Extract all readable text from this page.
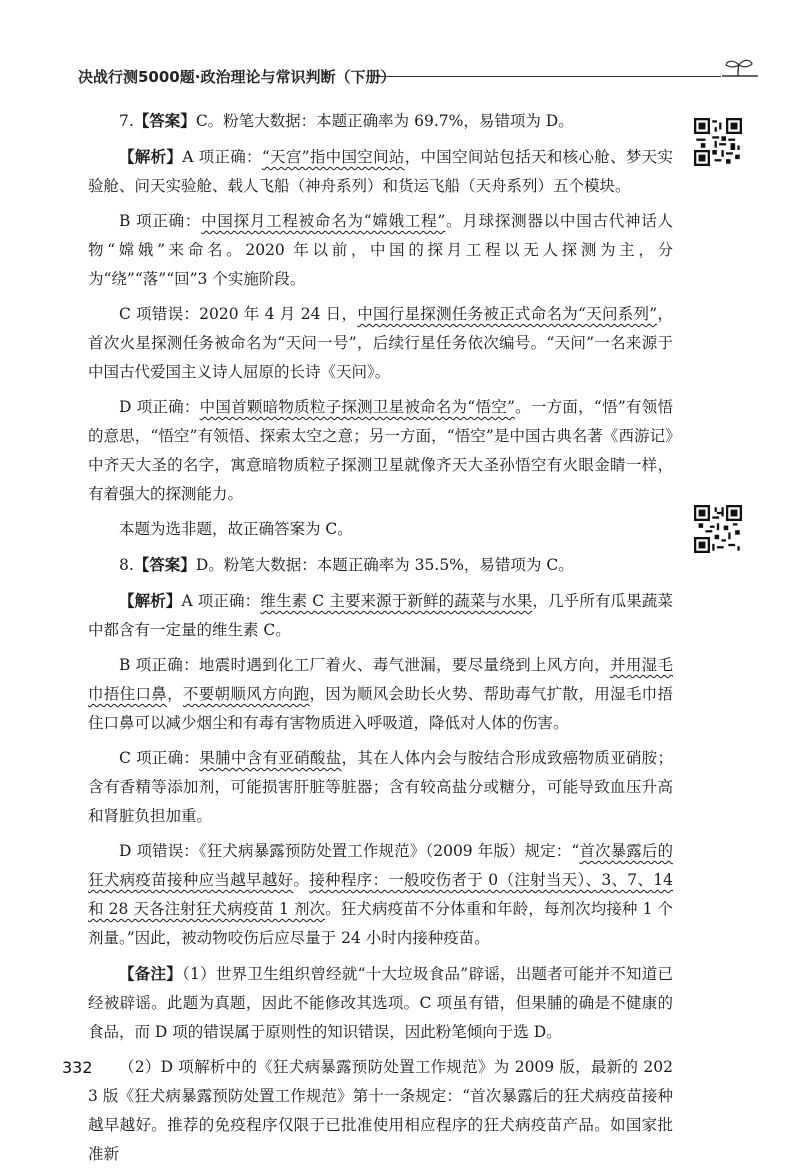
决战行测5000题·政治理论与常识判断（下册）

7.【答案】C。粉笔大数据：本题正确率为 69.7%，易错项为 D。

【解析】A 项正确：“天宫”指中国空间站，中国空间站包括天和核心舱、梦天实验舱、问天实验舱、载人飞船（神舟系列）和货运飞船（天舟系列）五个模块。

B 项正确：中国探月工程被命名为“嫦娥工程”。月球探测器以中国古代神话人物“嫦娥”来命名。2020 年以前，中国的探月工程以无人探测为主，分为“绕”“落”“回”3 个实施阶段。

C 项错误：2020 年 4 月 24 日，中国行星探测任务被正式命名为“天问系列”，首次火星探测任务被命名为“天问一号”，后续行星任务依次编号。“天问”一名来源于中国古代爱国主义诗人屈原的长诗《天问》。

D 项正确：中国首颗暗物质粒子探测卫星被命名为“悟空”。一方面，“悟”有领悟的意思，“悟空”有领悟、探索太空之意；另一方面，“悟空”是中国古典名著《西游记》中齐天大圣的名字，寓意暗物质粒子探测卫星就像齐天大圣孙悟空有火眼金睛一样，有着强大的探测能力。

本题为选非题，故正确答案为 C。

8.【答案】D。粉笔大数据：本题正确率为 35.5%，易错项为 C。

【解析】A 项正确：维生素 C 主要来源于新鲜的蔬菜与水果，几乎所有瓜果蔬菜中都含有一定量的维生素 C。

B 项正确：地震时遇到化工厂着火、毒气泄漏，要尽量绕到上风方向，并用湿毛巾捂住口鼻，不要朝顺风方向跑，因为顺风会助长火势、帮助毒气扩散，用湿毛巾捂住口鼻可以减少烟尘和有毒有害物质进入呼吸道，降低对人体的伤害。

C 项正确：果脯中含有亚硝酸盐，其在人体内会与胺结合形成致癌物质亚硝胺；含有香精等添加剂，可能损害肝脏等脏器；含有较高盐分或糖分，可能导致血压升高和肾脏负担加重。

D 项错误：《狂犬病暴露预防处置工作规范》（2009 年版）规定：“首次暴露后的狂犬病疫苗接种应当越早越好。接种程序：一般咬伤者于 0（注射当天）、3、7、14 和 28 天各注射狂犬病疫苗 1 剂次。狂犬病疫苗不分体重和年龄，每剂次均接种 1 个剂量。”因此，被动物咬伤后应尽量于 24 小时内接种疫苗。

【备注】（1）世界卫生组织曾经就“十大垃圾食品”辟谣，出题者可能并不知道已经被辟谣。此题为真题，因此不能修改其选项。C 项虽有错，但果脯的确是不健康的食品，而 D 项的错误属于原则性的知识错误，因此粉笔倾向于选 D。

（2）D 项解析中的《狂犬病暴露预防处置工作规范》为 2009 版，最新的 2023 版《狂犬病暴露预防处置工作规范》第十一条规定：“首次暴露后的狂犬病疫苗接种越早越好。推荐的免疫程序仅限于已批准使用相应程序的狂犬病疫苗产品。如国家批准新

332
